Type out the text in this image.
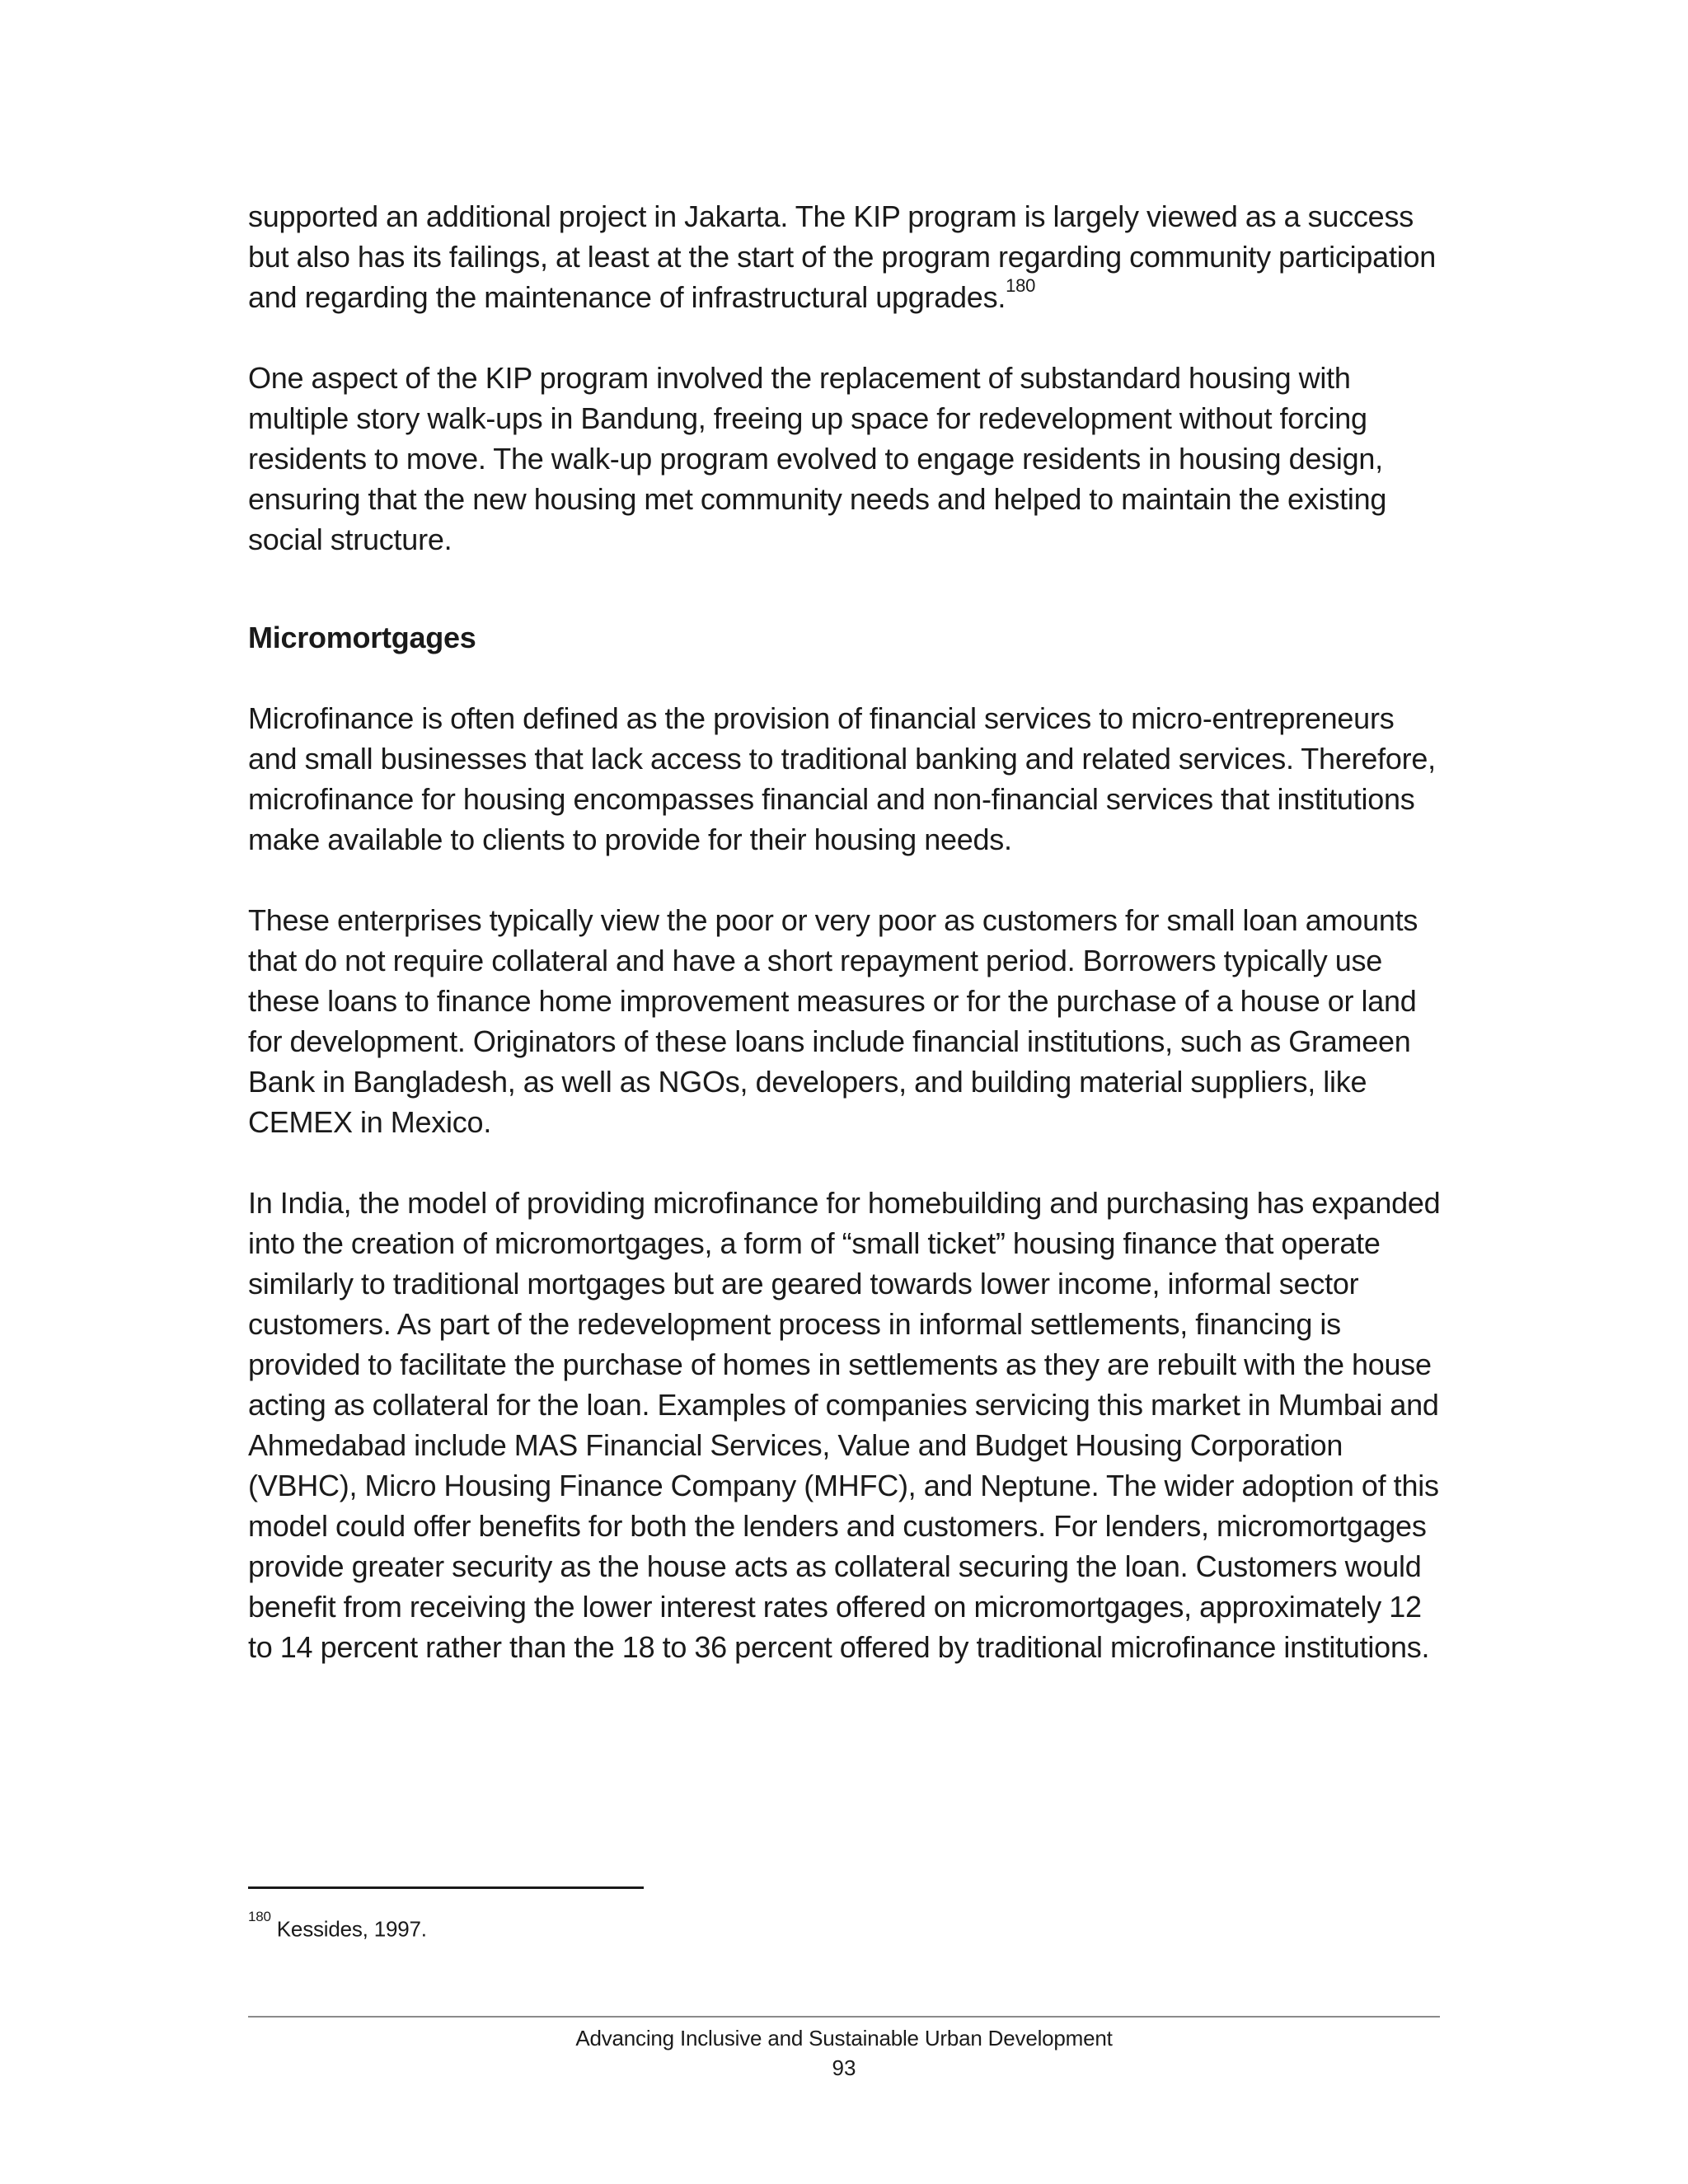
supported an additional project in Jakarta. The KIP program is largely viewed as a success but also has its failings, at least at the start of the program regarding community participation and regarding the maintenance of infrastructural upgrades.$^{180}$

One aspect of the KIP program involved the replacement of substandard housing with multiple story walk-ups in Bandung, freeing up space for redevelopment without forcing residents to move. The walk-up program evolved to engage residents in housing design, ensuring that the new housing met community needs and helped to maintain the existing social structure.

Micromortgages

Microfinance is often defined as the provision of financial services to micro-entrepreneurs and small businesses that lack access to traditional banking and related services. Therefore, microfinance for housing encompasses financial and non-financial services that institutions make available to clients to provide for their housing needs.

These enterprises typically view the poor or very poor as customers for small loan amounts that do not require collateral and have a short repayment period. Borrowers typically use these loans to finance home improvement measures or for the purchase of a house or land for development. Originators of these loans include financial institutions, such as Grameen Bank in Bangladesh, as well as NGOs, developers, and building material suppliers, like CEMEX in Mexico.

In India, the model of providing microfinance for homebuilding and purchasing has expanded into the creation of micromortgages, a form of “small ticket” housing finance that operate similarly to traditional mortgages but are geared towards lower income, informal sector customers. As part of the redevelopment process in informal settlements, financing is provided to facilitate the purchase of homes in settlements as they are rebuilt with the house acting as collateral for the loan. Examples of companies servicing this market in Mumbai and Ahmedabad include MAS Financial Services, Value and Budget Housing Corporation (VBHC), Micro Housing Finance Company (MHFC), and Neptune. The wider adoption of this model could offer benefits for both the lenders and customers. For lenders, micromortgages provide greater security as the house acts as collateral securing the loan. Customers would benefit from receiving the lower interest rates offered on micromortgages, approximately 12 to 14 percent rather than the 18 to 36 percent offered by traditional microfinance institutions.

$^{180}$ Kessides, 1997.
Advancing Inclusive and Sustainable Urban Development
93
